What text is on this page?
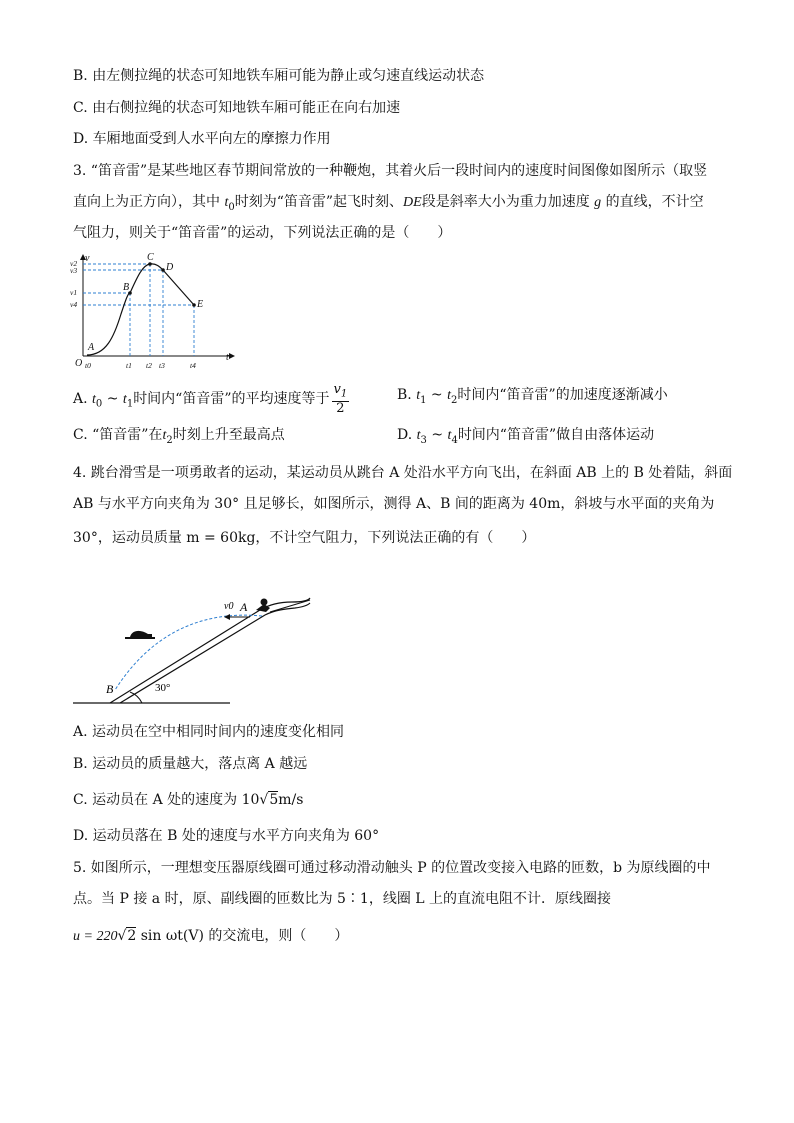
B. 由左侧拉绳的状态可知地铁车厢可能为静止或匀速直线运动状态
C. 由右侧拉绳的状态可知地铁车厢可能正在向右加速
D. 车厢地面受到人水平向左的摩擦力作用
3. “笛音雷”是某些地区春节期间常放的一种鞭炮，其着火后一段时间内的速度时间图像如图所示（取竖
直向上为正方向），其中 $t_0$时刻为“笛音雷”起飞时刻、DE段是斜率大小为重力加速度 g 的直线，不计空
气阻力，则关于“笛音雷”的运动，下列说法正确的是（　　）
v
t
O
A
B
C
D
E
v2
v3
v1
v4
t0	t1 t2 t3	t4
A. $t_0$ ~ $t_1$时间内“笛音雷”的平均速度等于 $\frac{v_1}{2}$	B. $t_1$ ~ $t_2$时间内“笛音雷”的加速度逐渐减小
C. “笛音雷”在$t_2$时刻上升至最高点	D. $t_3$ ~ $t_4$时间内“笛音雷”做自由落体运动
4. 跳台滑雪是一项勇敢者的运动，某运动员从跳台 A 处沿水平方向飞出，在斜面 AB 上的 B 处着陆，斜面
AB 与水平方向夹角为 30° 且足够长，如图所示，测得 A、B 间的距离为 40m，斜坡与水平面的夹角为
30°，运动员质量 m = 60kg，不计空气阻力，下列说法正确的有（　　）
v0 A
B	30°
A. 运动员在空中相同时间内的速度变化相同
B. 运动员的质量越大，落点离 A 越远
C. 运动员在 A 处的速度为 10√5m/s
D. 运动员落在 B 处的速度与水平方向夹角为 60°
5. 如图所示，一理想变压器原线圈可通过移动滑动触头 P 的位置改变接入电路的匝数，b 为原线圈的中
点。当 P 接 a 时，原、副线圈的匝数比为 5∶1，线圈 L 上的直流电阻不计．原线圈接
u = 220√2 sin ωt(V) 的交流电，则（　　）
